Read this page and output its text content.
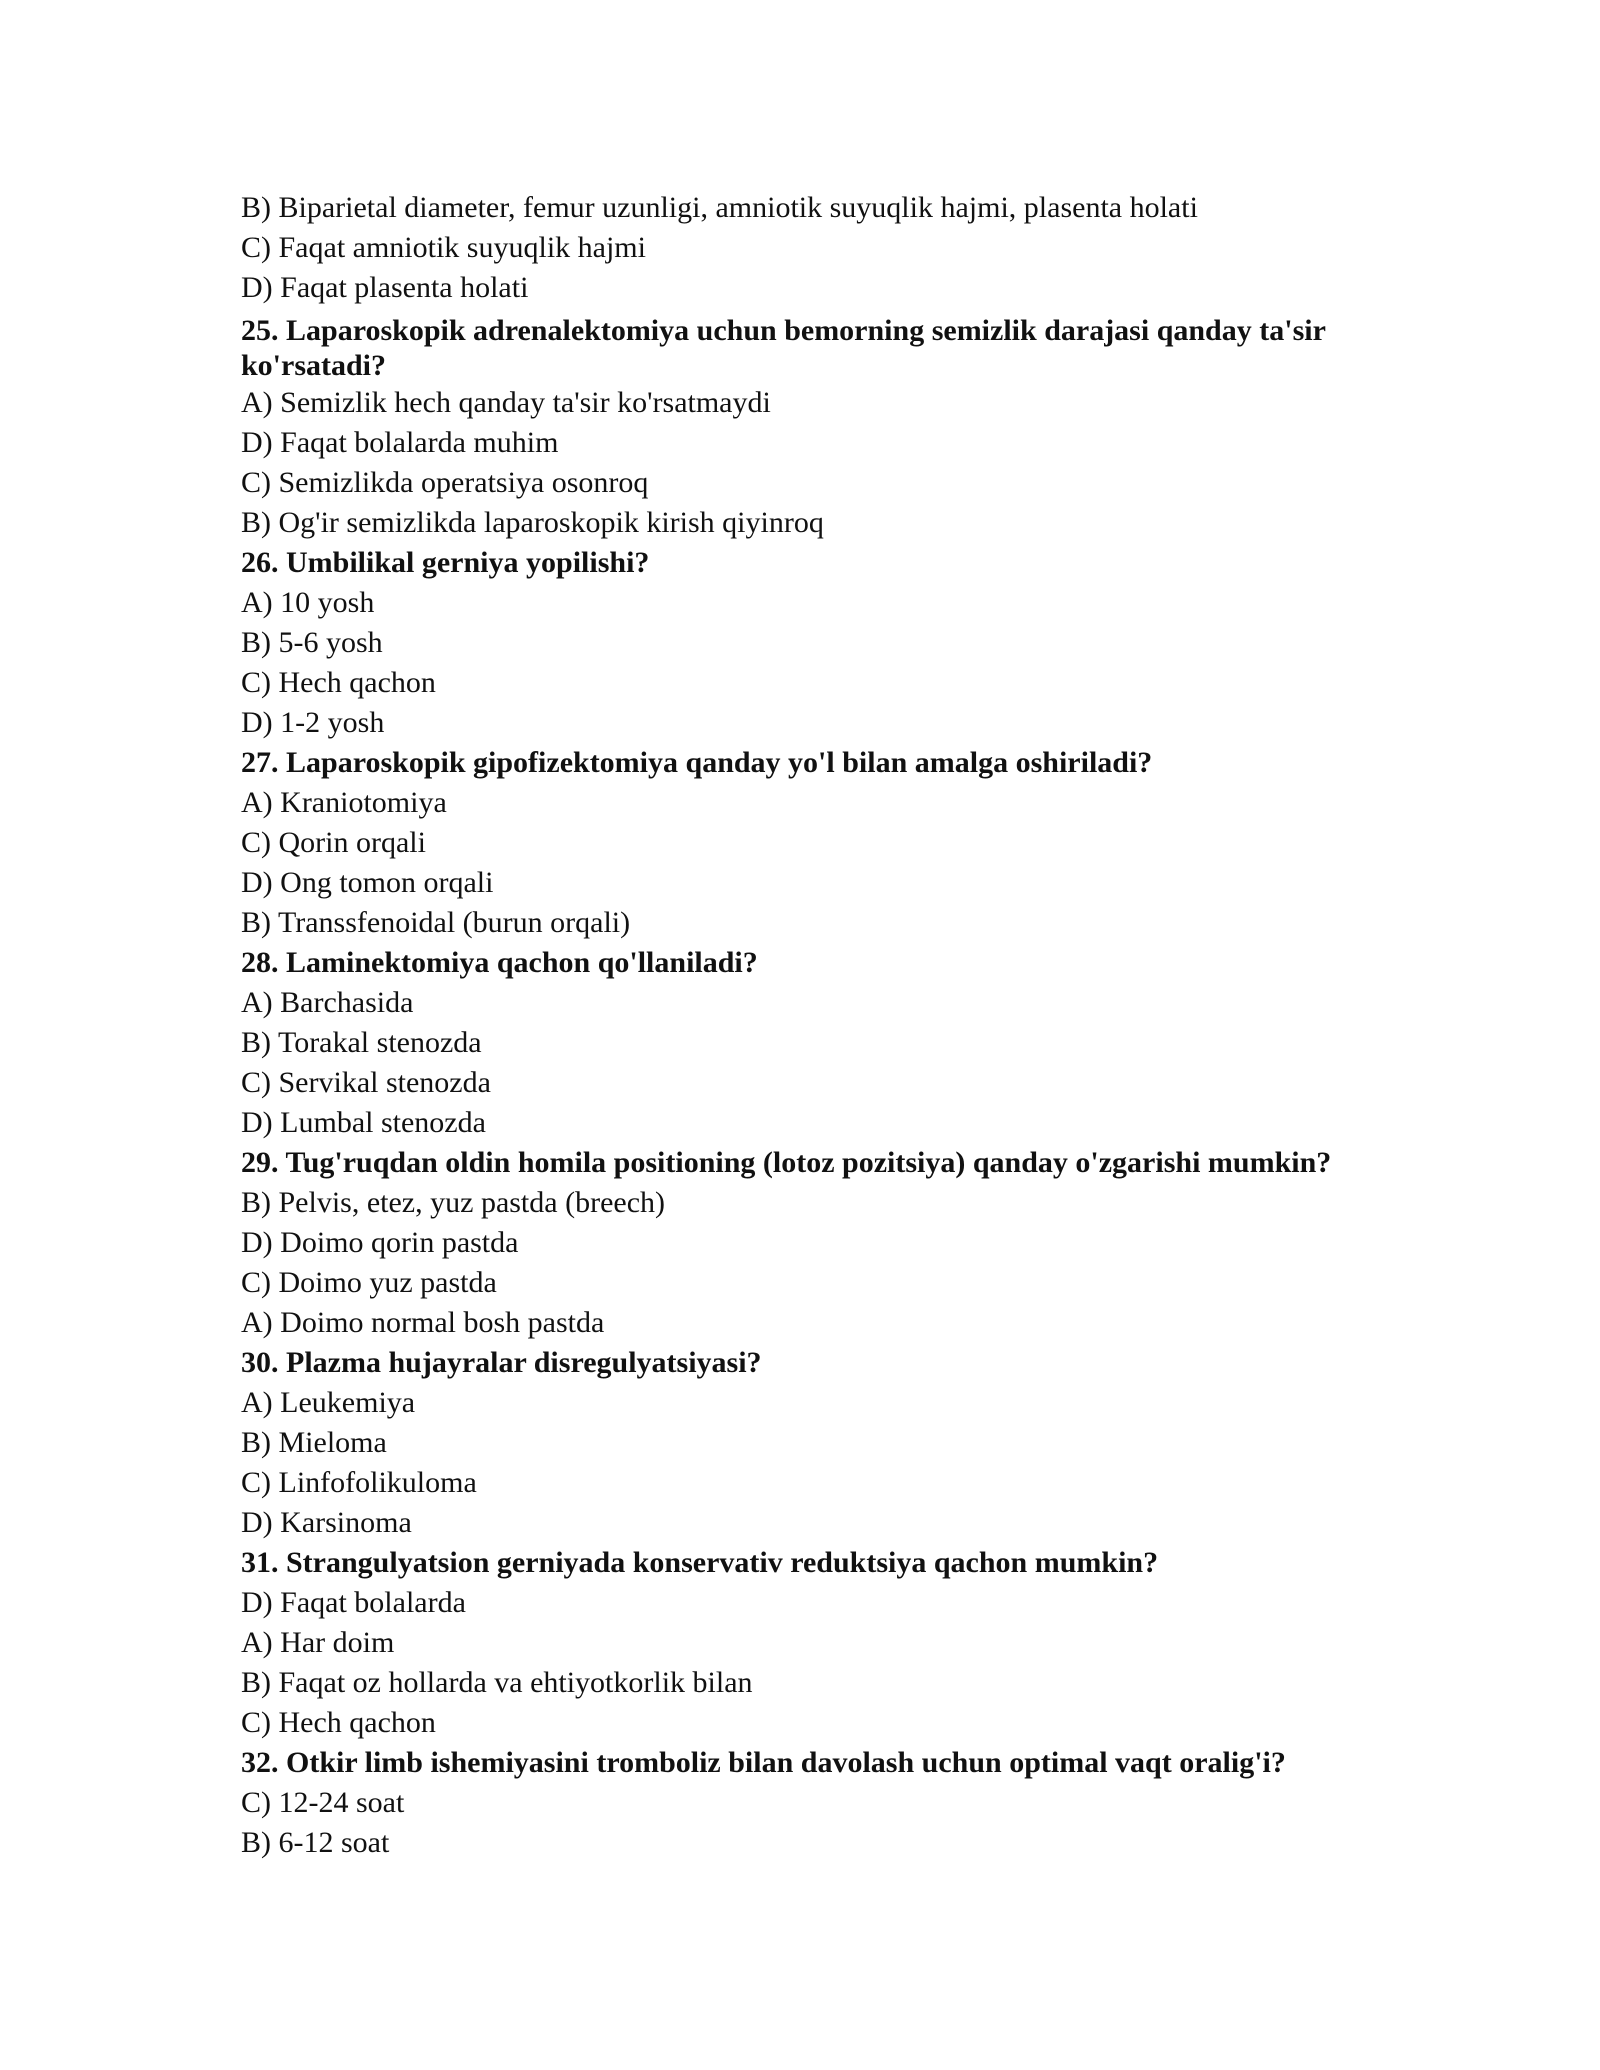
B) Biparietal diameter, femur uzunligi, amniotik suyuqlik hajmi, plasenta holati

C) Faqat amniotik suyuqlik hajmi

D) Faqat plasenta holati

25. Laparoskopik adrenalektomiya uchun bemorning semizlik darajasi qanday ta'sir ko'rsatadi?

A) Semizlik hech qanday ta'sir ko'rsatmaydi

D) Faqat bolalarda muhim

C) Semizlikda operatsiya osonroq

B) Og'ir semizlikda laparoskopik kirish qiyinroq

26. Umbilikal gerniya yopilishi?

A) 10 yosh

B) 5-6 yosh

C) Hech qachon

D) 1-2 yosh

27. Laparoskopik gipofizektomiya qanday yo'l bilan amalga oshiriladi?

A) Kraniotomiya

C) Qorin orqali

D) Ong tomon orqali

B) Transsfenoidal (burun orqali)

28. Laminektomiya qachon qo'llaniladi?

A) Barchasida

B) Torakal stenozda

C) Servikal stenozda

D) Lumbal stenozda

29. Tug'ruqdan oldin homila positioning (lotoz pozitsiya) qanday o'zgarishi mumkin?

B) Pelvis, etez, yuz pastda (breech)

D) Doimo qorin pastda

C) Doimo yuz pastda

A) Doimo normal bosh pastda

30. Plazma hujayralar disregulyatsiyasi?

A) Leukemiya

B) Mieloma

C) Linfofolikuloma

D) Karsinoma

31. Strangulyatsion gerniyada konservativ reduktsiya qachon mumkin?

D) Faqat bolalarda

A) Har doim

B) Faqat oz hollarda va ehtiyotkorlik bilan

C) Hech qachon

32. Otkir limb ishemiyasini tromboliz bilan davolash uchun optimal vaqt oralig'i?

C) 12-24 soat

B) 6-12 soat
